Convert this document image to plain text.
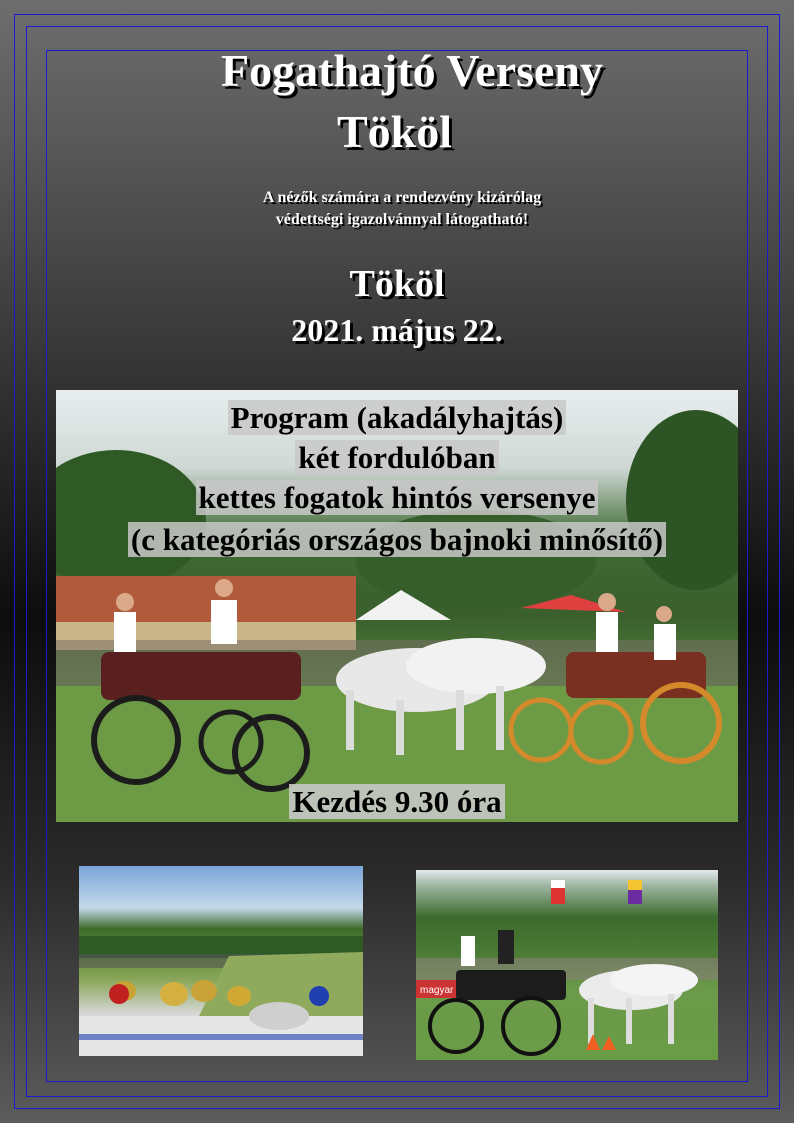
Fogathajtó Verseny
Tököl
A nézők számára a rendezvény kizárólag
védettségi igazolvánnyal látogatható!
Tököl
2021. május 22.
Program (akadályhajtás)
két fordulóban
kettes fogatok hintós versenye
(c kategóriás országos bajnoki minősítő)
Kezdés 9.30 óra
magyar
